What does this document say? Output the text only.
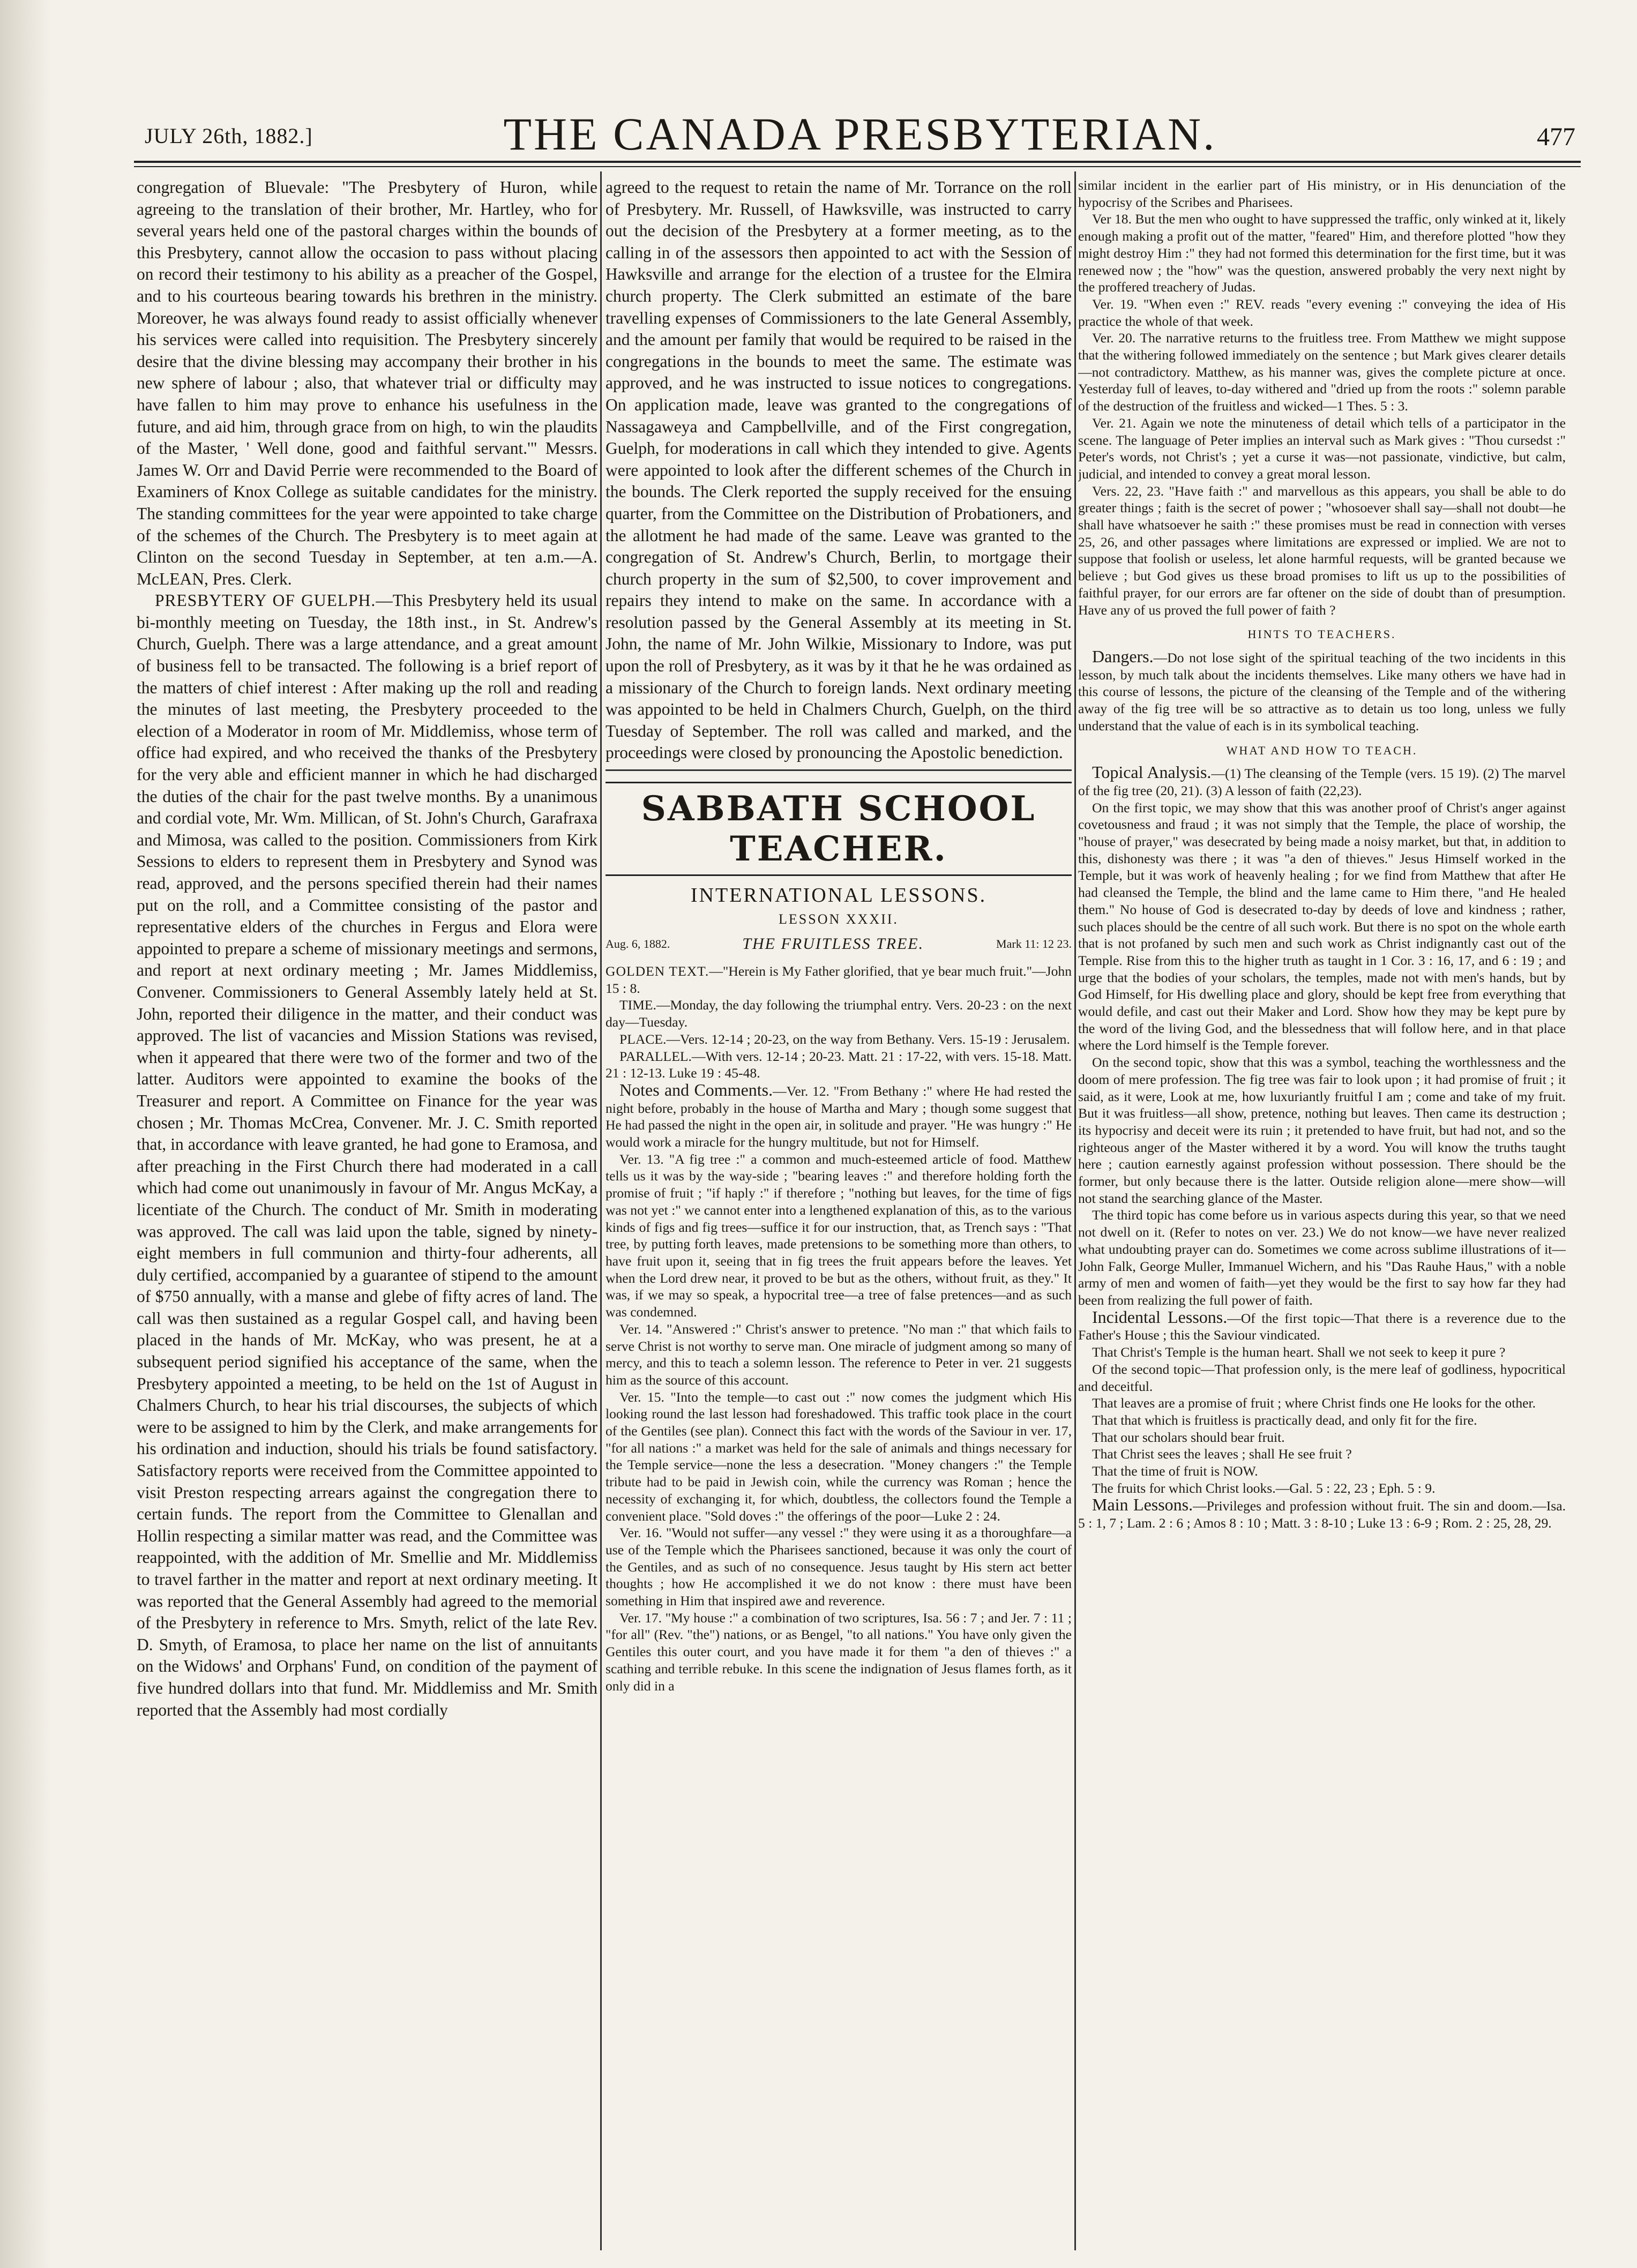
JULY 26th, 1882.]	THE CANADA PRESBYTERIAN.	477

congregation of Bluevale: "The Presbytery of Huron, while agreeing to the translation of their brother, Mr. Hartley, who for several years held one of the pastoral charges within the bounds of this Presbytery, cannot allow the occasion to pass without placing on record their testimony to his ability as a preacher of the Gospel, and to his courteous bearing towards his brethren in the ministry. Moreover, he was always found ready to assist officially whenever his services were called into requisition. The Presbytery sincerely desire that the divine blessing may accompany their brother in his new sphere of labour ; also, that whatever trial or difficulty may have fallen to him may prove to enhance his usefulness in the future, and aid him, through grace from on high, to win the plaudits of the Master, ' Well done, good and faithful servant.'" Messrs. James W. Orr and David Perrie were recommended to the Board of Examiners of Knox College as suitable candidates for the ministry. The standing committees for the year were appointed to take charge of the schemes of the Church. The Presbytery is to meet again at Clinton on the second Tuesday in September, at ten a.m.—A. McLEAN, Pres. Clerk.

PRESBYTERY OF GUELPH.—This Presbytery held its usual bi-monthly meeting on Tuesday, the 18th inst., in St. Andrew's Church, Guelph. There was a large attendance, and a great amount of business fell to be transacted. The following is a brief report of the matters of chief interest : After making up the roll and reading the minutes of last meeting, the Presbytery proceeded to the election of a Moderator in room of Mr. Middlemiss, whose term of office had expired, and who received the thanks of the Presbytery for the very able and efficient manner in which he had discharged the duties of the chair for the past twelve months. By a unanimous and cordial vote, Mr. Wm. Millican, of St. John's Church, Garafraxa and Mimosa, was called to the position. Commissioners from Kirk Sessions to elders to represent them in Presbytery and Synod was read, approved, and the persons specified therein had their names put on the roll, and a Committee consisting of the pastor and representative elders of the churches in Fergus and Elora were appointed to prepare a scheme of missionary meetings and sermons, and report at next ordinary meeting ; Mr. James Middlemiss, Convener. Commissioners to General Assembly lately held at St. John, reported their diligence in the matter, and their conduct was approved. The list of vacancies and Mission Stations was revised, when it appeared that there were two of the former and two of the latter. Auditors were appointed to examine the books of the Treasurer and report. A Committee on Finance for the year was chosen ; Mr. Thomas McCrea, Convener. Mr. J. C. Smith reported that, in accordance with leave granted, he had gone to Eramosa, and after preaching in the First Church there had moderated in a call which had come out unanimously in favour of Mr. Angus McKay, a licentiate of the Church. The conduct of Mr. Smith in moderating was approved. The call was laid upon the table, signed by ninety-eight members in full communion and thirty-four adherents, all duly certified, accompanied by a guarantee of stipend to the amount of $750 annually, with a manse and glebe of fifty acres of land. The call was then sustained as a regular Gospel call, and having been placed in the hands of Mr. McKay, who was present, he at a subsequent period signified his acceptance of the same, when the Presbytery appointed a meeting, to be held on the 1st of August in Chalmers Church, to hear his trial discourses, the subjects of which were to be assigned to him by the Clerk, and make arrangements for his ordination and induction, should his trials be found satisfactory. Satisfactory reports were received from the Committee appointed to visit Preston respecting arrears against the congregation there to certain funds. The report from the Committee to Glenallan and Hollin respecting a similar matter was read, and the Committee was reappointed, with the addition of Mr. Smellie and Mr. Middlemiss to travel farther in the matter and report at next ordinary meeting. It was reported that the General Assembly had agreed to the memorial of the Presbytery in reference to Mrs. Smyth, relict of the late Rev. D. Smyth, of Eramosa, to place her name on the list of annuitants on the Widows' and Orphans' Fund, on condition of the payment of five hundred dollars into that fund. Mr. Middlemiss and Mr. Smith reported that the Assembly had most cordially

agreed to the request to retain the name of Mr. Torrance on the roll of Presbytery. Mr. Russell, of Hawksville, was instructed to carry out the decision of the Presbytery at a former meeting, as to the calling in of the assessors then appointed to act with the Session of Hawksville and arrange for the election of a trustee for the Elmira church property. The Clerk submitted an estimate of the bare travelling expenses of Commissioners to the late General Assembly, and the amount per family that would be required to be raised in the congregations in the bounds to meet the same. The estimate was approved, and he was instructed to issue notices to congregations. On application made, leave was granted to the congregations of Nassagaweya and Campbellville, and of the First congregation, Guelph, for moderations in call which they intended to give. Agents were appointed to look after the different schemes of the Church in the bounds. The Clerk reported the supply received for the ensuing quarter, from the Committee on the Distribution of Probationers, and the allotment he had made of the same. Leave was granted to the congregation of St. Andrew's Church, Berlin, to mortgage their church property in the sum of $2,500, to cover improvement and repairs they intend to make on the same. In accordance with a resolution passed by the General Assembly at its meeting in St. John, the name of Mr. John Wilkie, Missionary to Indore, was put upon the roll of Presbytery, as it was by it that he he was ordained as a missionary of the Church to foreign lands. Next ordinary meeting was appointed to be held in Chalmers Church, Guelph, on the third Tuesday of September. The roll was called and marked, and the proceedings were closed by pronouncing the Apostolic benediction.

SABBATH SCHOOL TEACHER.
INTERNATIONAL LESSONS.
LESSON XXXII.
Aug. 6, 1882.	THE FRUITLESS TREE.	Mark 11: 12 23.

GOLDEN TEXT.—"Herein is My Father glorified, that ye bear much fruit."—John 15 : 8.

TIME.—Monday, the day following the triumphal entry. Vers. 20-23 : on the next day—Tuesday.

PLACE.—Vers. 12-14 ; 20-23, on the way from Bethany. Vers. 15-19 : Jerusalem.

PARALLEL.—With vers. 12-14 ; 20-23. Matt. 21 : 17-22, with vers. 15-18. Matt. 21 : 12-13. Luke 19 : 45-48.

Notes and Comments.—Ver. 12. "From Bethany :" where He had rested the night before, probably in the house of Martha and Mary ; though some suggest that He had passed the night in the open air, in solitude and prayer. "He was hungry :" He would work a miracle for the hungry multitude, but not for Himself.

Ver. 13. "A fig tree :" a common and much-esteemed article of food. Matthew tells us it was by the way-side ; "bearing leaves :" and therefore holding forth the promise of fruit ; "if haply :" if therefore ; "nothing but leaves, for the time of figs was not yet :" we cannot enter into a lengthened explanation of this, as to the various kinds of figs and fig trees—suffice it for our instruction, that, as Trench says : "That tree, by putting forth leaves, made pretensions to be something more than others, to have fruit upon it, seeing that in fig trees the fruit appears before the leaves. Yet when the Lord drew near, it proved to be but as the others, without fruit, as they." It was, if we may so speak, a hypocrital tree—a tree of false pretences—and as such was condemned.

Ver. 14. "Answered :" Christ's answer to pretence. "No man :" that which fails to serve Christ is not worthy to serve man. One miracle of judgment among so many of mercy, and this to teach a solemn lesson. The reference to Peter in ver. 21 suggests him as the source of this account.

Ver. 15. "Into the temple—to cast out :" now comes the judgment which His looking round the last lesson had foreshadowed. This traffic took place in the court of the Gentiles (see plan). Connect this fact with the words of the Saviour in ver. 17, "for all nations :" a market was held for the sale of animals and things necessary for the Temple service—none the less a desecration. "Money changers :" the Temple tribute had to be paid in Jewish coin, while the currency was Roman ; hence the necessity of exchanging it, for which, doubtless, the collectors found the Temple a convenient place. "Sold doves :" the offerings of the poor—Luke 2 : 24.

Ver. 16. "Would not suffer—any vessel :" they were using it as a thoroughfare—a use of the Temple which the Pharisees sanctioned, because it was only the court of the Gentiles, and as such of no consequence. Jesus taught by His stern act better thoughts ; how He accomplished it we do not know : there must have been something in Him that inspired awe and reverence.

Ver. 17. "My house :" a combination of two scriptures, Isa. 56 : 7 ; and Jer. 7 : 11 ; "for all" (Rev. "the") nations, or as Bengel, "to all nations." You have only given the Gentiles this outer court, and you have made it for them "a den of thieves :" a scathing and terrible rebuke. In this scene the indignation of Jesus flames forth, as it only did in a

similar incident in the earlier part of His ministry, or in His denunciation of the hypocrisy of the Scribes and Pharisees.

Ver 18. But the men who ought to have suppressed the traffic, only winked at it, likely enough making a profit out of the matter, "feared" Him, and therefore plotted "how they might destroy Him :" they had not formed this determination for the first time, but it was renewed now ; the "how" was the question, answered probably the very next night by the proffered treachery of Judas.

Ver. 19. "When even :" REV. reads "every evening :" conveying the idea of His practice the whole of that week.

Ver. 20. The narrative returns to the fruitless tree. From Matthew we might suppose that the withering followed immediately on the sentence ; but Mark gives clearer details—not contradictory. Matthew, as his manner was, gives the complete picture at once. Yesterday full of leaves, to-day withered and "dried up from the roots :" solemn parable of the destruction of the fruitless and wicked—1 Thes. 5 : 3.

Ver. 21. Again we note the minuteness of detail which tells of a participator in the scene. The language of Peter implies an interval such as Mark gives : "Thou cursedst :" Peter's words, not Christ's ; yet a curse it was—not passionate, vindictive, but calm, judicial, and intended to convey a great moral lesson.

Vers. 22, 23. "Have faith :" and marvellous as this appears, you shall be able to do greater things ; faith is the secret of power ; "whosoever shall say—shall not doubt—he shall have whatsoever he saith :" these promises must be read in connection with verses 25, 26, and other passages where limitations are expressed or implied. We are not to suppose that foolish or useless, let alone harmful requests, will be granted because we believe ; but God gives us these broad promises to lift us up to the possibilities of faithful prayer, for our errors are far oftener on the side of doubt than of presumption. Have any of us proved the full power of faith ?

HINTS TO TEACHERS.

Dangers.—Do not lose sight of the spiritual teaching of the two incidents in this lesson, by much talk about the incidents themselves. Like many others we have had in this course of lessons, the picture of the cleansing of the Temple and of the withering away of the fig tree will be so attractive as to detain us too long, unless we fully understand that the value of each is in its symbolical teaching.

WHAT AND HOW TO TEACH.

Topical Analysis.—(1) The cleansing of the Temple (vers. 15 19). (2) The marvel of the fig tree (20, 21). (3) A lesson of faith (22,23).

On the first topic, we may show that this was another proof of Christ's anger against covetousness and fraud ; it was not simply that the Temple, the place of worship, the "house of prayer," was desecrated by being made a noisy market, but that, in addition to this, dishonesty was there ; it was "a den of thieves." Jesus Himself worked in the Temple, but it was work of heavenly healing ; for we find from Matthew that after He had cleansed the Temple, the blind and the lame came to Him there, "and He healed them." No house of God is desecrated to-day by deeds of love and kindness ; rather, such places should be the centre of all such work. But there is no spot on the whole earth that is not profaned by such men and such work as Christ indignantly cast out of the Temple. Rise from this to the higher truth as taught in 1 Cor. 3 : 16, 17, and 6 : 19 ; and urge that the bodies of your scholars, the temples, made not with men's hands, but by God Himself, for His dwelling place and glory, should be kept free from everything that would defile, and cast out their Maker and Lord. Show how they may be kept pure by the word of the living God, and the blessedness that will follow here, and in that place where the Lord himself is the Temple forever.

On the second topic, show that this was a symbol, teaching the worthlessness and the doom of mere profession. The fig tree was fair to look upon ; it had promise of fruit ; it said, as it were, Look at me, how luxuriantly fruitful I am ; come and take of my fruit. But it was fruitless—all show, pretence, nothing but leaves. Then came its destruction ; its hypocrisy and deceit were its ruin ; it pretended to have fruit, but had not, and so the righteous anger of the Master withered it by a word. You will know the truths taught here ; caution earnestly against profession without possession. There should be the former, but only because there is the latter. Outside religion alone—mere show—will not stand the searching glance of the Master.

The third topic has come before us in various aspects during this year, so that we need not dwell on it. (Refer to notes on ver. 23.) We do not know—we have never realized what undoubting prayer can do. Sometimes we come across sublime illustrations of it—John Falk, George Muller, Immanuel Wichern, and his "Das Rauhe Haus," with a noble army of men and women of faith—yet they would be the first to say how far they had been from realizing the full power of faith.

Incidental Lessons.—Of the first topic—That there is a reverence due to the Father's House ; this the Saviour vindicated.

That Christ's Temple is the human heart. Shall we not seek to keep it pure ?

Of the second topic—That profession only, is the mere leaf of godliness, hypocritical and deceitful.

That leaves are a promise of fruit ; where Christ finds one He looks for the other.

That that which is fruitless is practically dead, and only fit for the fire.

That our scholars should bear fruit.

That Christ sees the leaves ; shall He see fruit ?

That the time of fruit is NOW.

The fruits for which Christ looks.—Gal. 5 : 22, 23 ; Eph. 5 : 9.

Main Lessons.—Privileges and profession without fruit. The sin and doom.—Isa. 5 : 1, 7 ; Lam. 2 : 6 ; Amos 8 : 10 ; Matt. 3 : 8-10 ; Luke 13 : 6-9 ; Rom. 2 : 25, 28, 29.
